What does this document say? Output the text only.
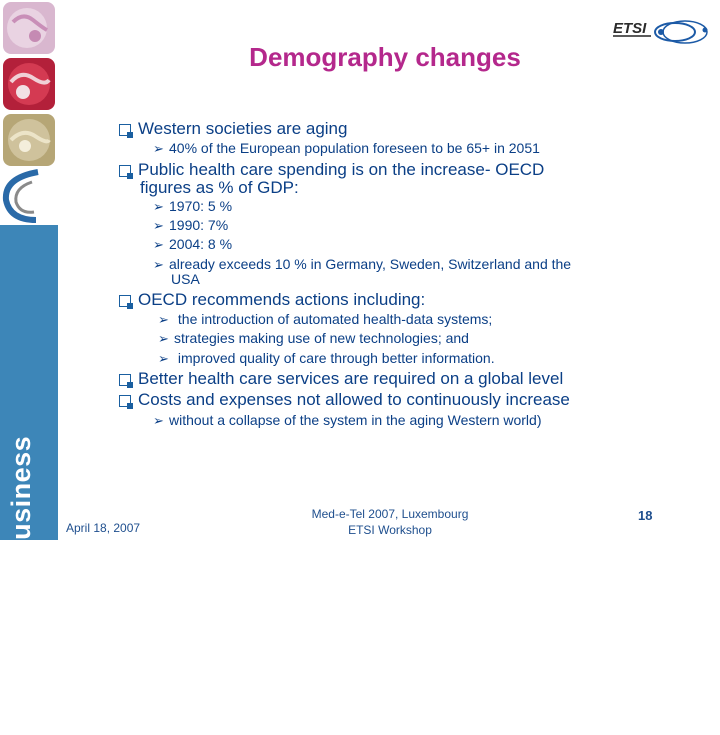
Standards for Business
ETSI
Demography changes
Western societies are aging
➢ 40% of the European population foreseen to be 65+ in 2051
Public health care spending is on the increase- OECD
figures as % of GDP:
➢ 1970: 5 %
➢ 1990: 7%
➢ 2004: 8 %
➢ already exceeds 10 % in Germany, Sweden, Switzerland and the
USA
OECD recommends actions including:
➢ the introduction of automated health‑data systems;
➢ strategies making use of new technologies; and
➢ improved quality of care through better information.
Better health care services are required on a global level
Costs and expenses not allowed to continuously increase
➢ without a collapse of the system in the aging Western world)
April 18, 2007
Med-e-Tel 2007, Luxembourg
ETSI Workshop
18
